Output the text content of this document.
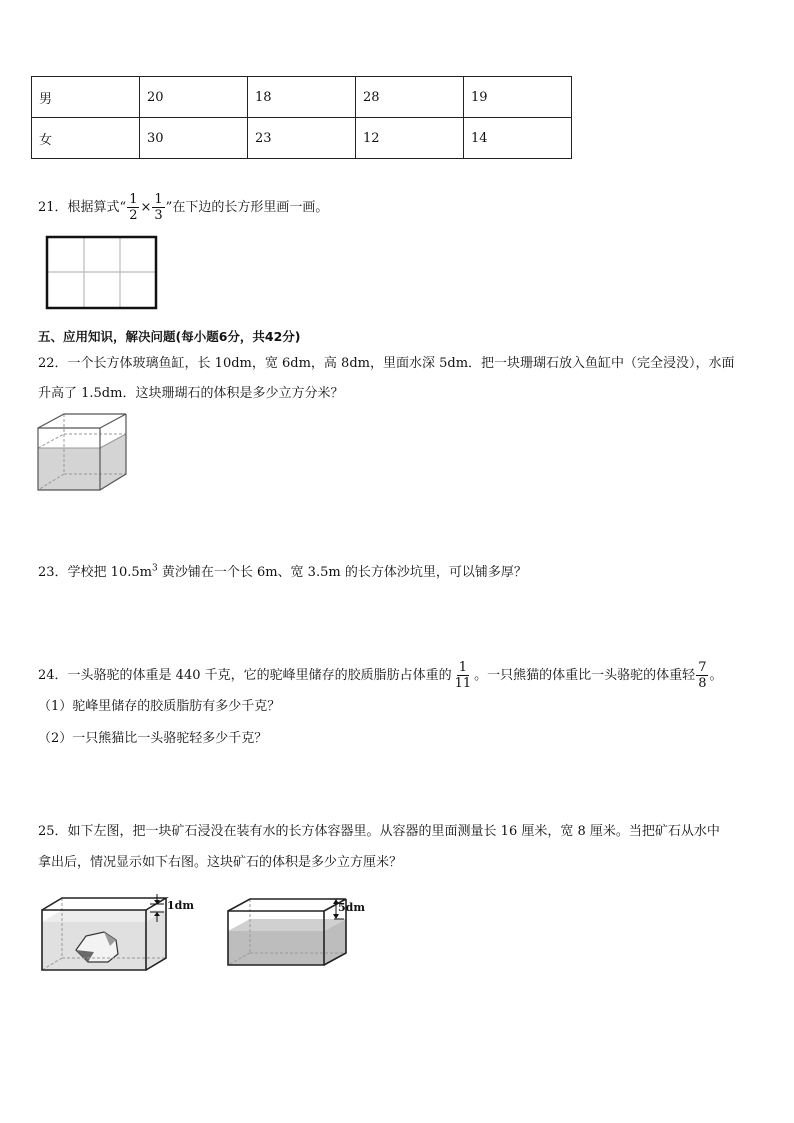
男	20	18	28	19
女	30	23	12	14
21．根据算式“ $\frac{1}{2} \times \frac{1}{3}$ ”在下边的长方形里画一画。
五、应用知识，解决问题(每小题6分，共42分)
22．一个长方体玻璃鱼缸，长 10dm，宽 6dm，高 8dm，里面水深 5dm．把一块珊瑚石放入鱼缸中（完全浸没），水面
升高了 1.5dm．这块珊瑚石的体积是多少立方分米？
23．学校把 $10.5m^3$ 黄沙铺在一个长 6m、宽 3.5m 的长方体沙坑里，可以铺多厚？
24．一头骆驼的体重是 440 千克，它的驼峰里储存的胶质脂肪占体重的 $\frac{1}{11}$ 。一只熊猫的体重比一头骆驼的体重轻 $\frac{7}{8}$ 。
（1）驼峰里储存的胶质脂肪有多少千克？
（2）一只熊猫比一头骆驼轻多少千克？
25．如下左图，把一块矿石浸没在装有水的长方体容器里。从容器的里面测量长 16 厘米，宽 8 厘米。当把矿石从水中
拿出后，情况显示如下右图。这块矿石的体积是多少立方厘米？
1dm	5dm
